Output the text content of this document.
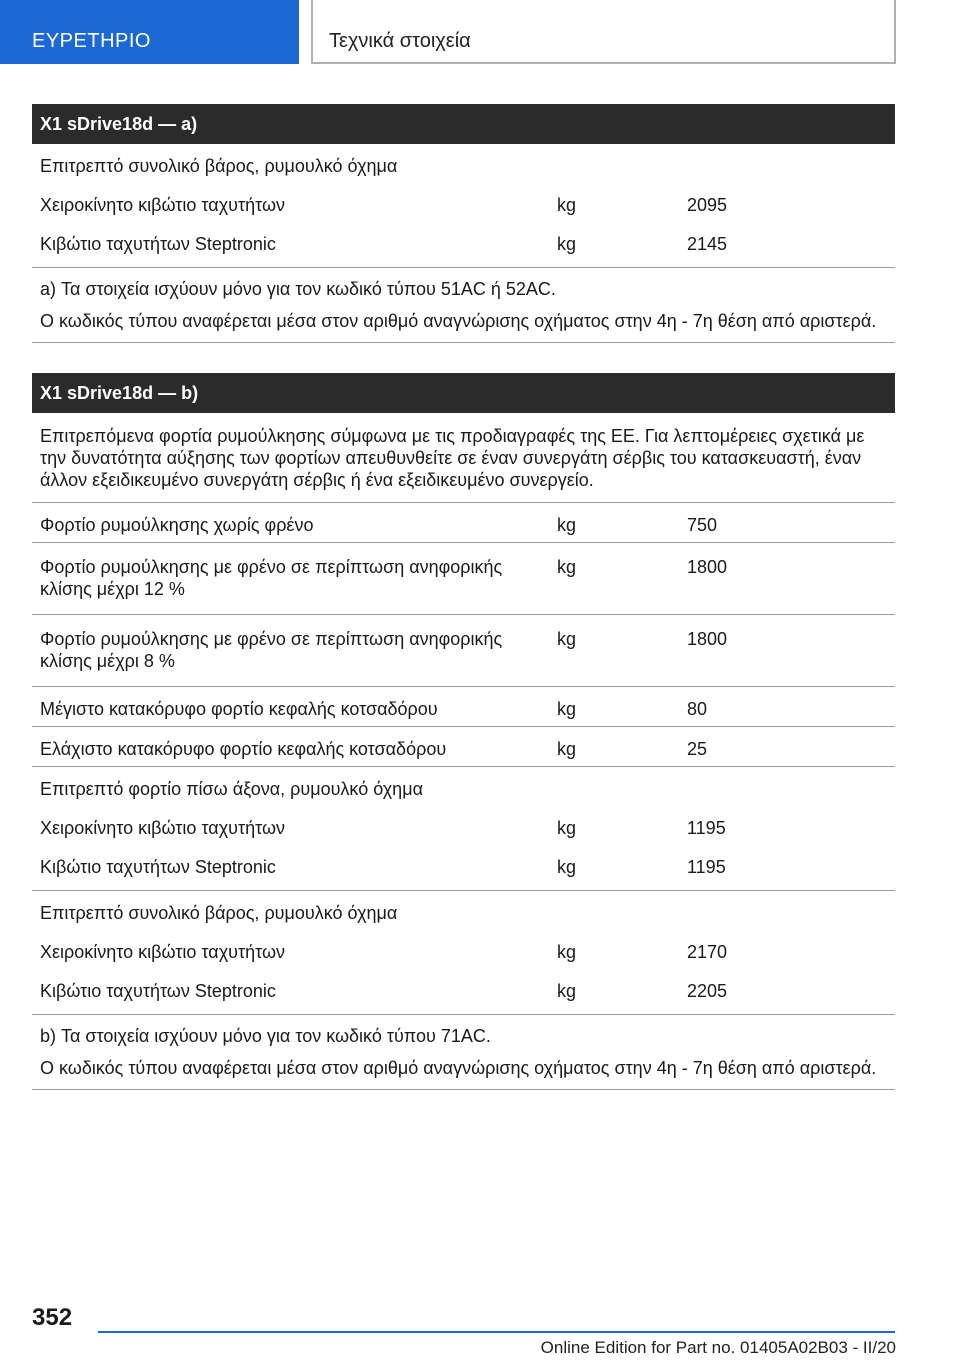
ΕΥΡΕΤΗΡΙΟ	Τεχνικά στοιχεία
X1 sDrive18d — a)
Επιτρεπτό συνολικό βάρος, ρυμουλκό όχημα
Χειροκίνητο κιβώτιο ταχυτήτων	kg	2095
Κιβώτιο ταχυτήτων Steptronic	kg	2145

a) Τα στοιχεία ισχύουν μόνο για τον κωδικό τύπου 51AC ή 52AC.

Ο κωδικός τύπου αναφέρεται μέσα στον αριθμό αναγνώρισης οχήματος στην 4η - 7η θέση από αριστερά.

X1 sDrive18d — b)
Επιτρεπόμενα φορτία ρυμούλκησης σύμφωνα με τις προδιαγραφές της ΕΕ. Για λεπτομέρειες σχετικά με την δυνατότητα αύξησης των φορτίων απευθυνθείτε σε έναν συνεργάτη σέρβις του κατασκευαστή, έναν άλλον εξειδικευμένο συνεργάτη σέρβις ή ένα εξειδικευμένο συνεργείο.
Φορτίο ρυμούλκησης χωρίς φρένο	kg	750
Φορτίο ρυμούλκησης με φρένο σε περίπτωση ανηφορικής κλίσης μέχρι 12 %
kg	1800
Φορτίο ρυμούλκησης με φρένο σε περίπτωση ανηφορικής κλίσης μέχρι 8 %
kg	1800
Μέγιστο κατακόρυφο φορτίο κεφαλής κοτσαδόρου	kg	80
Ελάχιστο κατακόρυφο φορτίο κεφαλής κοτσαδόρου	kg	25
Επιτρεπτό φορτίο πίσω άξονα, ρυμουλκό όχημα
Χειροκίνητο κιβώτιο ταχυτήτων	kg	1195
Κιβώτιο ταχυτήτων Steptronic	kg	1195
Επιτρεπτό συνολικό βάρος, ρυμουλκό όχημα
Χειροκίνητο κιβώτιο ταχυτήτων	kg	2170
Κιβώτιο ταχυτήτων Steptronic	kg	2205

b) Τα στοιχεία ισχύουν μόνο για τον κωδικό τύπου 71AC.

Ο κωδικός τύπου αναφέρεται μέσα στον αριθμό αναγνώρισης οχήματος στην 4η - 7η θέση από αριστερά.

352
Online Edition for Part no. 01405A02B03 - II/20
